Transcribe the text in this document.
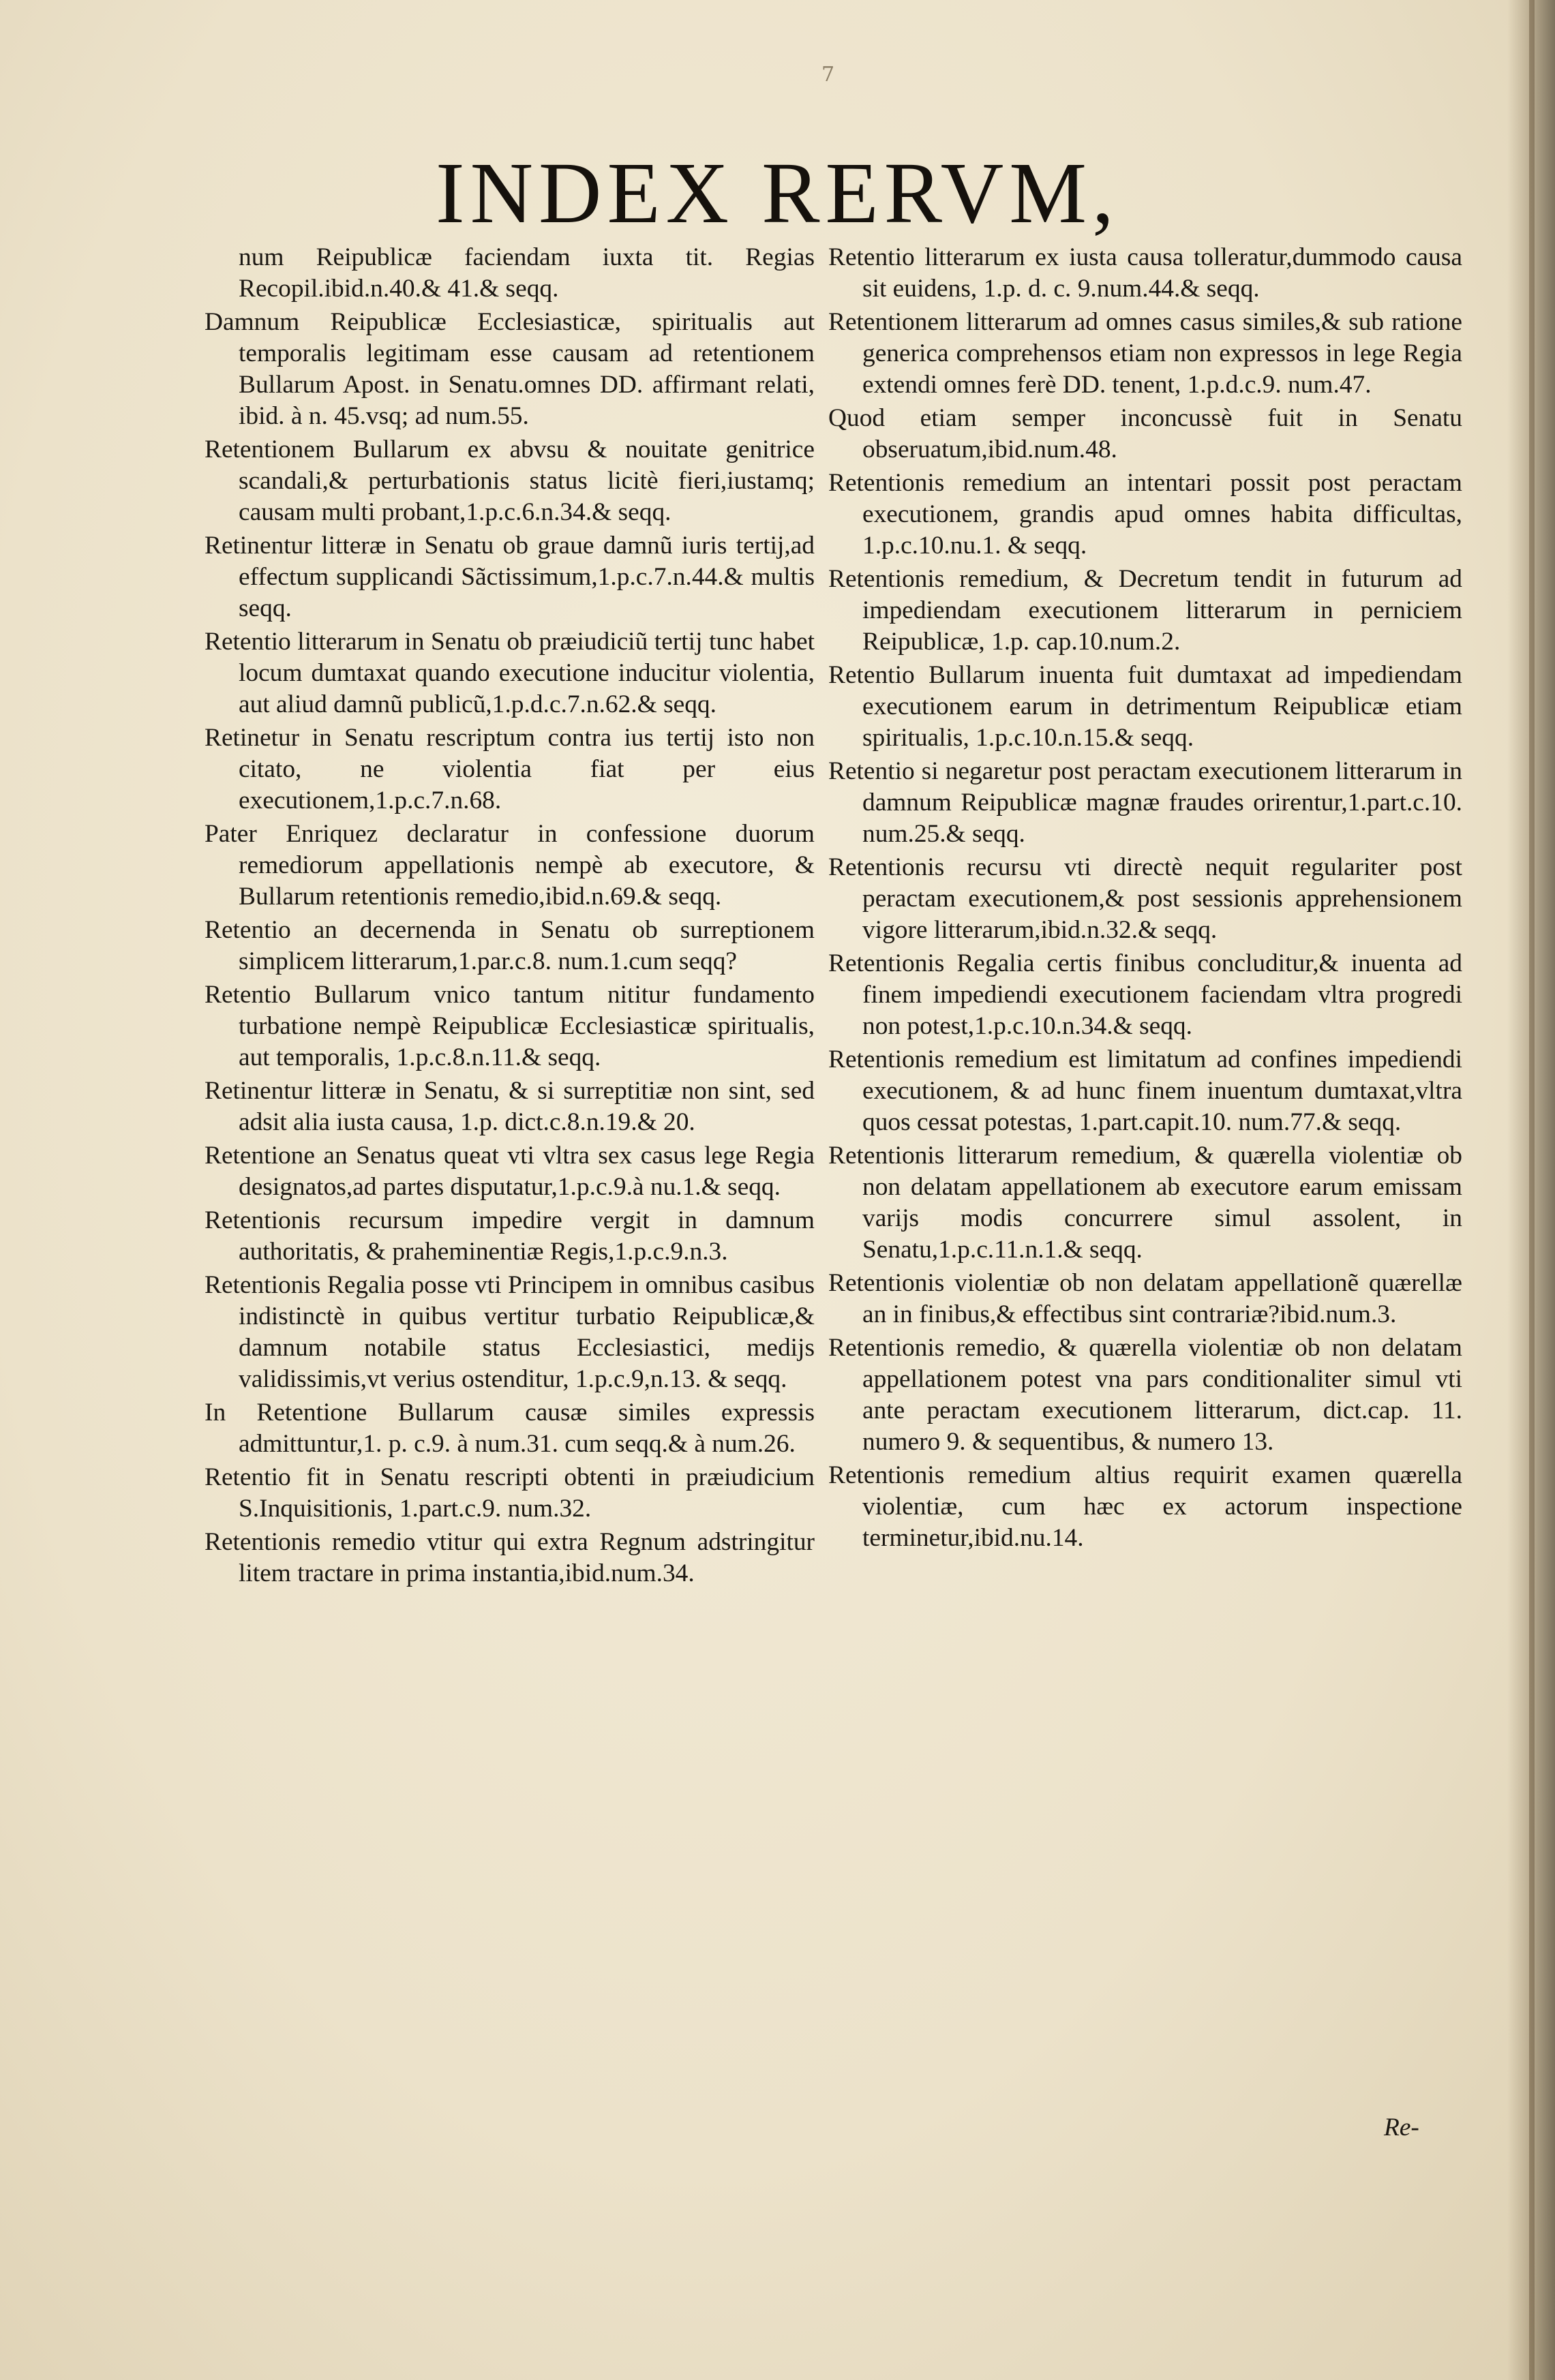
7
INDEX RERVM,

num Reipublicæ faciendam iuxta tit. Regias Recopil.ibid.n.40.& 41.& seqq.

Damnum Reipublicæ Ecclesiasticæ, spiritualis aut temporalis legitimam esse causam ad retentionem Bullarum Apost. in Senatu.omnes DD. affirmant relati, ibid. à n. 45.vsq; ad num.55.

Retentionem Bullarum ex abvsu & nouitate genitrice scandali,& perturbationis status licitè fieri,iustamq; causam multi probant,1.p.c.6.n.34.& seqq.

Retinentur litteræ in Senatu ob graue damnũ iuris tertij,ad effectum supplicandi Sãctissimum,1.p.c.7.n.44.& multis seqq.

Retentio litterarum in Senatu ob præiudiciũ tertij tunc habet locum dumtaxat quando executione inducitur violentia, aut aliud damnũ publicũ,1.p.d.c.7.n.62.& seqq.

Retinetur in Senatu rescriptum contra ius tertij isto non citato, ne violentia fiat per eius executionem,1.p.c.7.n.68.

Pater Enriquez declaratur in confessione duorum remediorum appellationis nempè ab executore, & Bullarum retentionis remedio,ibid.n.69.& seqq.

Retentio an decernenda in Senatu ob surreptionem simplicem litterarum,1.par.c.8. num.1.cum seqq?

Retentio Bullarum vnico tantum nititur fundamento turbatione nempè Reipublicæ Ecclesiasticæ spiritualis, aut temporalis, 1.p.c.8.n.11.& seqq.

Retinentur litteræ in Senatu, & si surreptitiæ non sint, sed adsit alia iusta causa, 1.p. dict.c.8.n.19.& 20.

Retentione an Senatus queat vti vltra sex casus lege Regia designatos,ad partes disputatur,1.p.c.9.à nu.1.& seqq.

Retentionis recursum impedire vergit in damnum authoritatis, & praheminentiæ Regis,1.p.c.9.n.3.

Retentionis Regalia posse vti Principem in omnibus casibus indistinctè in quibus vertitur turbatio Reipublicæ,& damnum notabile status Ecclesiastici, medijs validissimis,vt verius ostenditur, 1.p.c.9,n.13. & seqq.

In Retentione Bullarum causæ similes expressis admittuntur,1. p. c.9. à num.31. cum seqq.& à num.26.

Retentio fit in Senatu rescripti obtenti in præiudicium S.Inquisitionis, 1.part.c.9. num.32.

Retentionis remedio vtitur qui extra Regnum adstringitur litem tractare in prima instantia,ibid.num.34.

Retentio litterarum ex iusta causa tolleratur,dummodo causa sit euidens, 1.p. d. c. 9.num.44.& seqq.

Retentionem litterarum ad omnes casus similes,& sub ratione generica comprehensos etiam non expressos in lege Regia extendi omnes ferè DD. tenent, 1.p.d.c.9. num.47.

Quod etiam semper inconcussè fuit in Senatu obseruatum,ibid.num.48.

Retentionis remedium an intentari possit post peractam executionem, grandis apud omnes habita difficultas, 1.p.c.10.nu.1. & seqq.

Retentionis remedium, & Decretum tendit in futurum ad impediendam executionem litterarum in perniciem Reipublicæ, 1.p. cap.10.num.2.

Retentio Bullarum inuenta fuit dumtaxat ad impediendam executionem earum in detrimentum Reipublicæ etiam spiritualis, 1.p.c.10.n.15.& seqq.

Retentio si negaretur post peractam executionem litterarum in damnum Reipublicæ magnæ fraudes orirentur,1.part.c.10. num.25.& seqq.

Retentionis recursu vti directè nequit regulariter post peractam executionem,& post sessionis apprehensionem vigore litterarum,ibid.n.32.& seqq.

Retentionis Regalia certis finibus concluditur,& inuenta ad finem impediendi executionem faciendam vltra progredi non potest,1.p.c.10.n.34.& seqq.

Retentionis remedium est limitatum ad confines impediendi executionem, & ad hunc finem inuentum dumtaxat,vltra quos cessat potestas, 1.part.capit.10. num.77.& seqq.

Retentionis litterarum remedium, & quærella violentiæ ob non delatam appellationem ab executore earum emissam varijs modis concurrere simul assolent, in Senatu,1.p.c.11.n.1.& seqq.

Retentionis violentiæ ob non delatam appellationẽ quærellæ an in finibus,& effectibus sint contrariæ?ibid.num.3.

Retentionis remedio, & quærella violentiæ ob non delatam appellationem potest vna pars conditionaliter simul vti ante peractam executionem litterarum, dict.cap. 11. numero 9. & sequentibus, & numero 13.

Retentionis remedium altius requirit examen quærella violentiæ, cum hæc ex actorum inspectione terminetur,ibid.nu.14.

Re-
